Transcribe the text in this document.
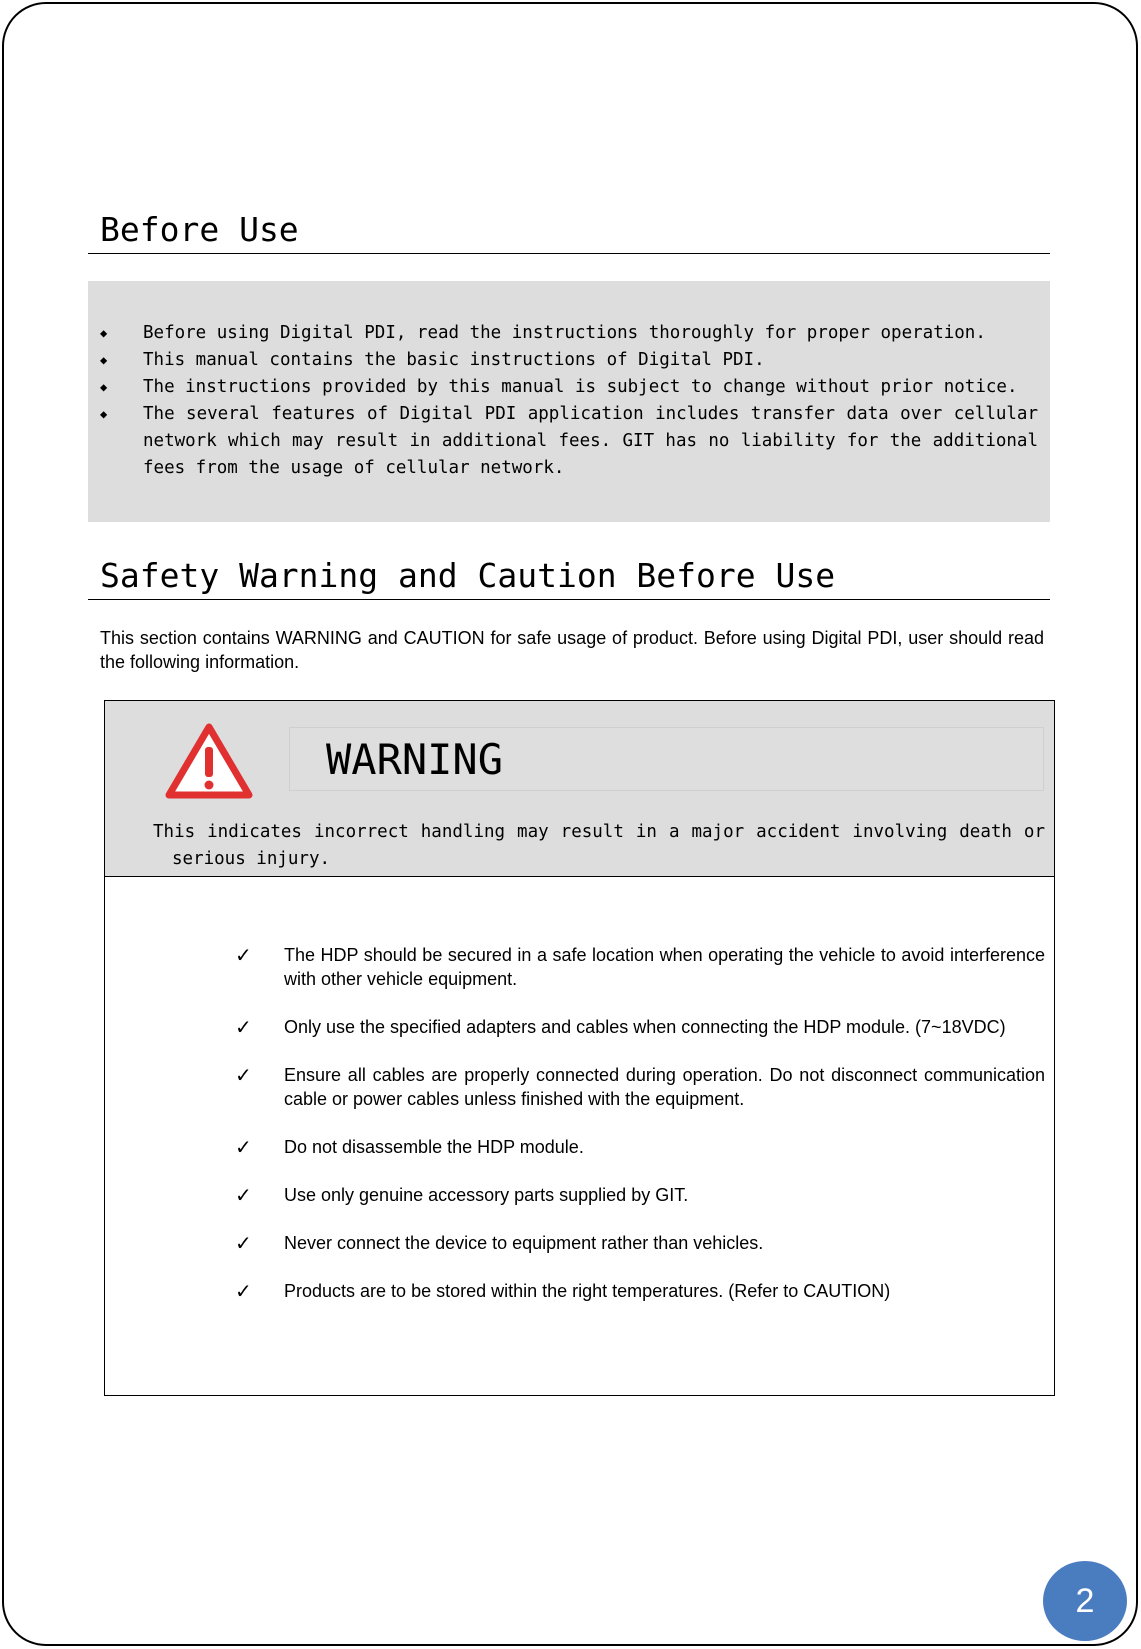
Before Use
◆	Before using Digital PDI, read the instructions thoroughly for proper operation.
◆	This manual contains the basic instructions of Digital PDI.
◆	The instructions provided by this manual is subject to change without prior notice.
◆	The several features of Digital PDI application includes transfer data over cellular network which may result in additional fees. GIT has no liability for the additional fees from the usage of cellular network.
Safety Warning and Caution Before Use

This section contains WARNING and CAUTION for safe usage of product. Before using Digital PDI, user should read the following information.

WARNING
This indicates incorrect handling may result in a major accident involving death or
serious injury.
✓	The HDP should be secured in a safe location when operating the vehicle to avoid interference with other vehicle equipment.
✓	Only use the specified adapters and cables when connecting the HDP module. (7~18VDC)
✓	Ensure all cables are properly connected during operation. Do not disconnect communication cable or power cables unless finished with the equipment.
✓	Do not disassemble the HDP module.
✓	Use only genuine accessory parts supplied by GIT.
✓	Never connect the device to equipment rather than vehicles.
✓	Products are to be stored within the right temperatures. (Refer to CAUTION)
2
